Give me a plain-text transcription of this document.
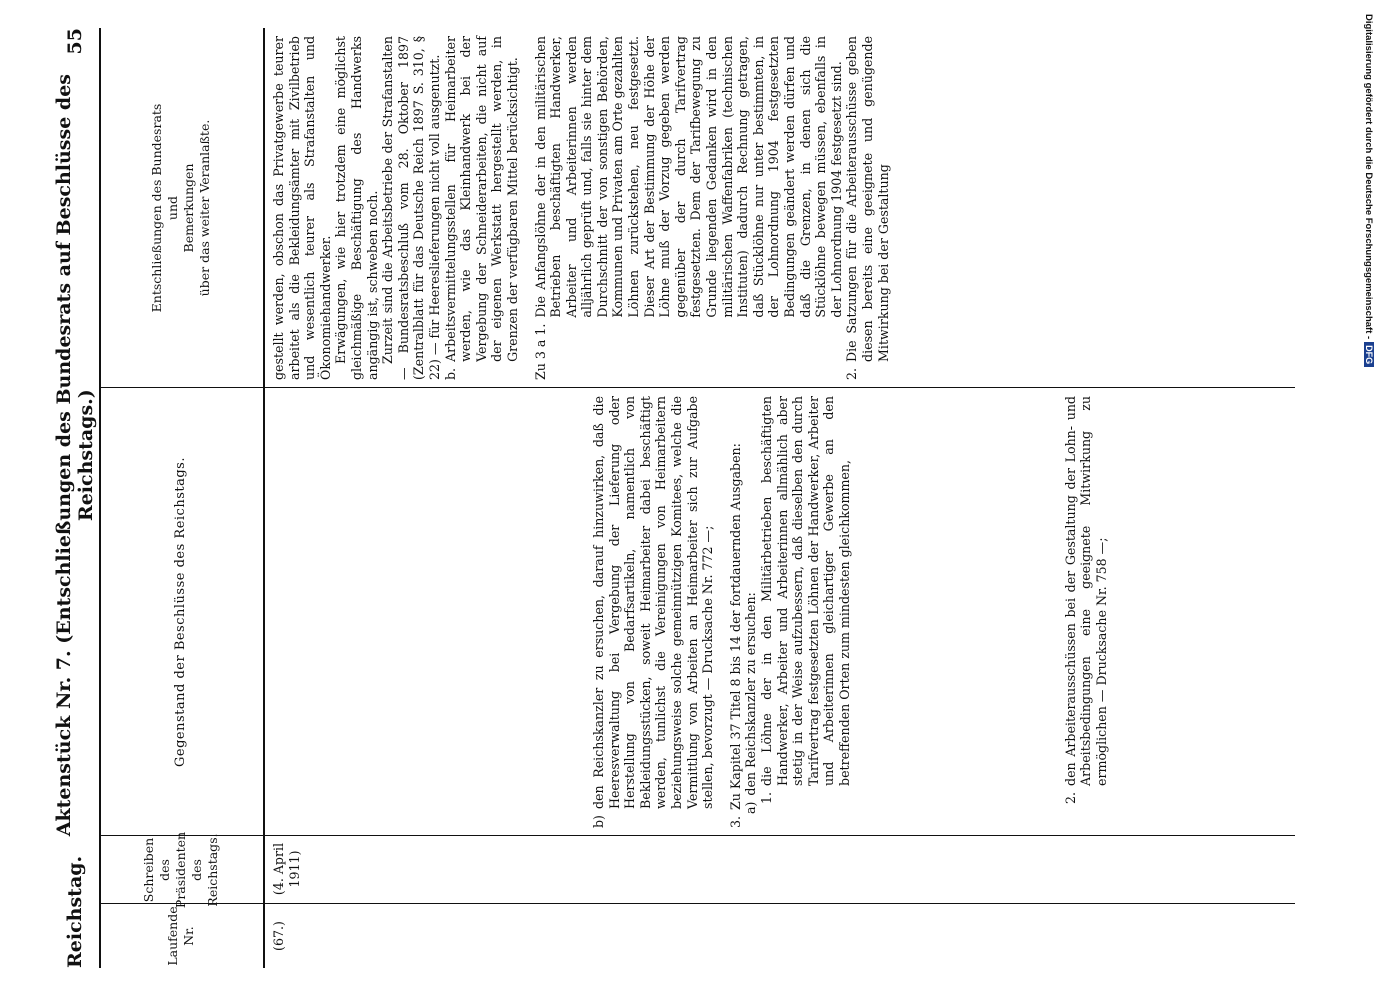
Reichstag.
Aktenstück Nr. 7. (Entschließungen des Bundesrats auf Beschlüsse des Reichstags.)
55
Laufende Nr.
Schreiben des Präsidenten des Reichstags.
Gegenstand der Beschlüsse des Reichstags.
Entschließungen des Bundesrats und Bemerkungen über das weiter Veranlaßte.
(67.)
(4. April 1911)
b)
den Reichskanzler zu ersuchen, darauf hinzuwirken, daß die Heeresverwaltung bei Vergebung der Lieferung oder Herstellung von Bedarfsartikeln, namentlich von Bekleidungsstücken, soweit Heimarbeiter dabei beschäftigt werden, tunlichst die Vereinigungen von Heimarbeitern beziehungsweise solche gemeinnützigen Komitees, welche die Vermittlung von Arbeiten an Heimarbeiter sich zur Aufgabe stellen, bevorzugt — Drucksache Nr. 772 —;
3.
Zu Kapitel 37 Titel 8 bis 14 der fortdauernden Ausgaben: a)
den Reichskanzler zu ersuchen:
1.
die Löhne der in den Militärbetrieben beschäftigten Handwerker, Arbeiter und Arbeiterinnen allmählich aber stetig in der Weise aufzubessern, daß dieselben den durch Tarifvertrag festgesetzten Löhnen der Handwerker, Arbeiter und Arbeiterinnen gleichartiger Gewerbe an den betreffenden Orten zum mindesten gleichkommen,
2.
den Arbeiterausschüssen bei der Gestaltung der Lohn- und Arbeitsbedingungen eine geeignete Mitwirkung zu ermöglichen — Drucksache Nr. 758 —;

gestellt werden, obschon das Privatgewerbe teurer arbeitet als die Bekleidungsämter mit Zivilbetrieb und wesentlich teurer als Strafanstalten und Ökonomiehandwerker. Erwägungen, wie hier trotzdem eine möglichst gleichmäßige Beschäftigung des Handwerks angängig ist, schweben noch. Zurzeit sind die Arbeitsbetriebe der Strafanstalten — Bundesratsbeschluß vom 28. Oktober 1897 (Zentralblatt für das Deutsche Reich 1897 S. 310, § 22) — für Heereslieferungen nicht voll ausgenutzt. b.
Arbeitsvermittelungsstellen für Heimarbeiter werden, wie das Kleinhandwerk bei der Vergebung der Schneiderarbeiten, die nicht auf der eigenen Werkstatt hergestellt werden, in Grenzen der verfügbaren Mittel berücksichtigt. Zu 3 a 1.
Die Anfangslöhne der in den militärischen Betrieben beschäftigten Handwerker, Arbeiter und Arbeiterinnen werden alljährlich geprüft und, falls sie hinter dem Durchschnitt der von sonstigen Behörden, Kommunen und Privaten am Orte gezahlten Löhnen zurückstehen, neu festgesetzt. Dieser Art der Bestimmung der Höhe der Löhne muß der Vorzug gegeben werden gegenüber der durch Tarifvertrag festgesetzten. Dem der Tarifbewegung zu Grunde liegenden Gedanken wird in den militärischen Waffenfabriken (technischen Instituten) dadurch Rechnung getragen, daß Stücklöhne nur unter bestimmten, in der Lohnordnung 1904 festgesetzten Bedingungen geändert werden dürfen und daß die Grenzen, in denen sich die Stücklöhne bewegen müssen, ebenfalls in der Lohnordnung 1904 festgesetzt sind.
2.
Die Satzungen für die Arbeiterausschüsse geben diesen bereits eine geeignete und genügende Mitwirkung bei der Gestaltung	Digitalisierung gefördert durch die Deutsche Forschungsgemeinschaft -DFG
